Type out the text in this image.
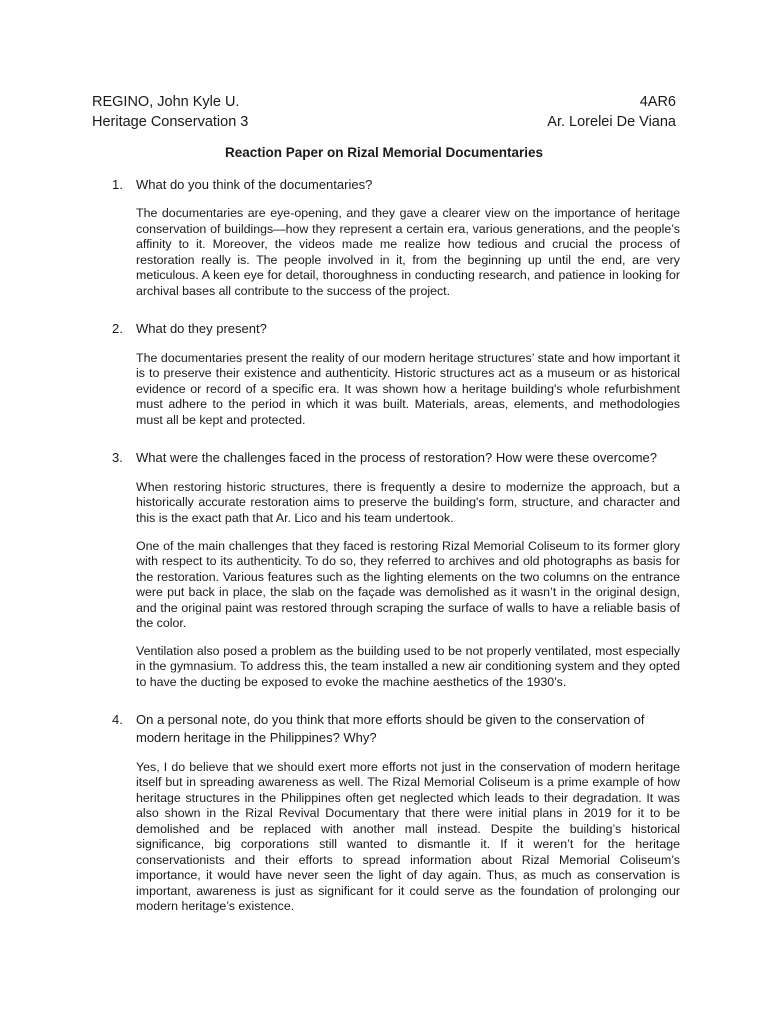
REGINO, John Kyle U.
Heritage Conservation 3
4AR6
Ar. Lorelei De Viana
Reaction Paper on Rizal Memorial Documentaries
1.	What do you think of the documentaries?

The documentaries are eye-opening, and they gave a clearer view on the importance of heritage conservation of buildings—how they represent a certain era, various generations, and the people’s affinity to it. Moreover, the videos made me realize how tedious and crucial the process of restoration really is. The people involved in it, from the beginning up until the end, are very meticulous. A keen eye for detail, thoroughness in conducting research, and patience in looking for archival bases all contribute to the success of the project.

2.	What do they present?

The documentaries present the reality of our modern heritage structures’ state and how important it is to preserve their existence and authenticity. Historic structures act as a museum or as historical evidence or record of a specific era. It was shown how a heritage building's whole refurbishment must adhere to the period in which it was built. Materials, areas, elements, and methodologies must all be kept and protected.

3.	What were the challenges faced in the process of restoration? How were these overcome?

When restoring historic structures, there is frequently a desire to modernize the approach, but a historically accurate restoration aims to preserve the building's form, structure, and character and this is the exact path that Ar. Lico and his team undertook.

One of the main challenges that they faced is restoring Rizal Memorial Coliseum to its former glory with respect to its authenticity. To do so, they referred to archives and old photographs as basis for the restoration. Various features such as the lighting elements on the two columns on the entrance were put back in place, the slab on the façade was demolished as it wasn’t in the original design, and the original paint was restored through scraping the surface of walls to have a reliable basis of the color.

Ventilation also posed a problem as the building used to be not properly ventilated, most especially in the gymnasium. To address this, the team installed a new air conditioning system and they opted to have the ducting be exposed to evoke the machine aesthetics of the 1930’s.

4.	On a personal note, do you think that more efforts should be given to the conservation of modern heritage in the Philippines? Why?

Yes, I do believe that we should exert more efforts not just in the conservation of modern heritage itself but in spreading awareness as well. The Rizal Memorial Coliseum is a prime example of how heritage structures in the Philippines often get neglected which leads to their degradation. It was also shown in the Rizal Revival Documentary that there were initial plans in 2019 for it to be demolished and be replaced with another mall instead. Despite the building’s historical significance, big corporations still wanted to dismantle it. If it weren’t for the heritage conservationists and their efforts to spread information about Rizal Memorial Coliseum’s importance, it would have never seen the light of day again. Thus, as much as conservation is important, awareness is just as significant for it could serve as the foundation of prolonging our modern heritage’s existence.
